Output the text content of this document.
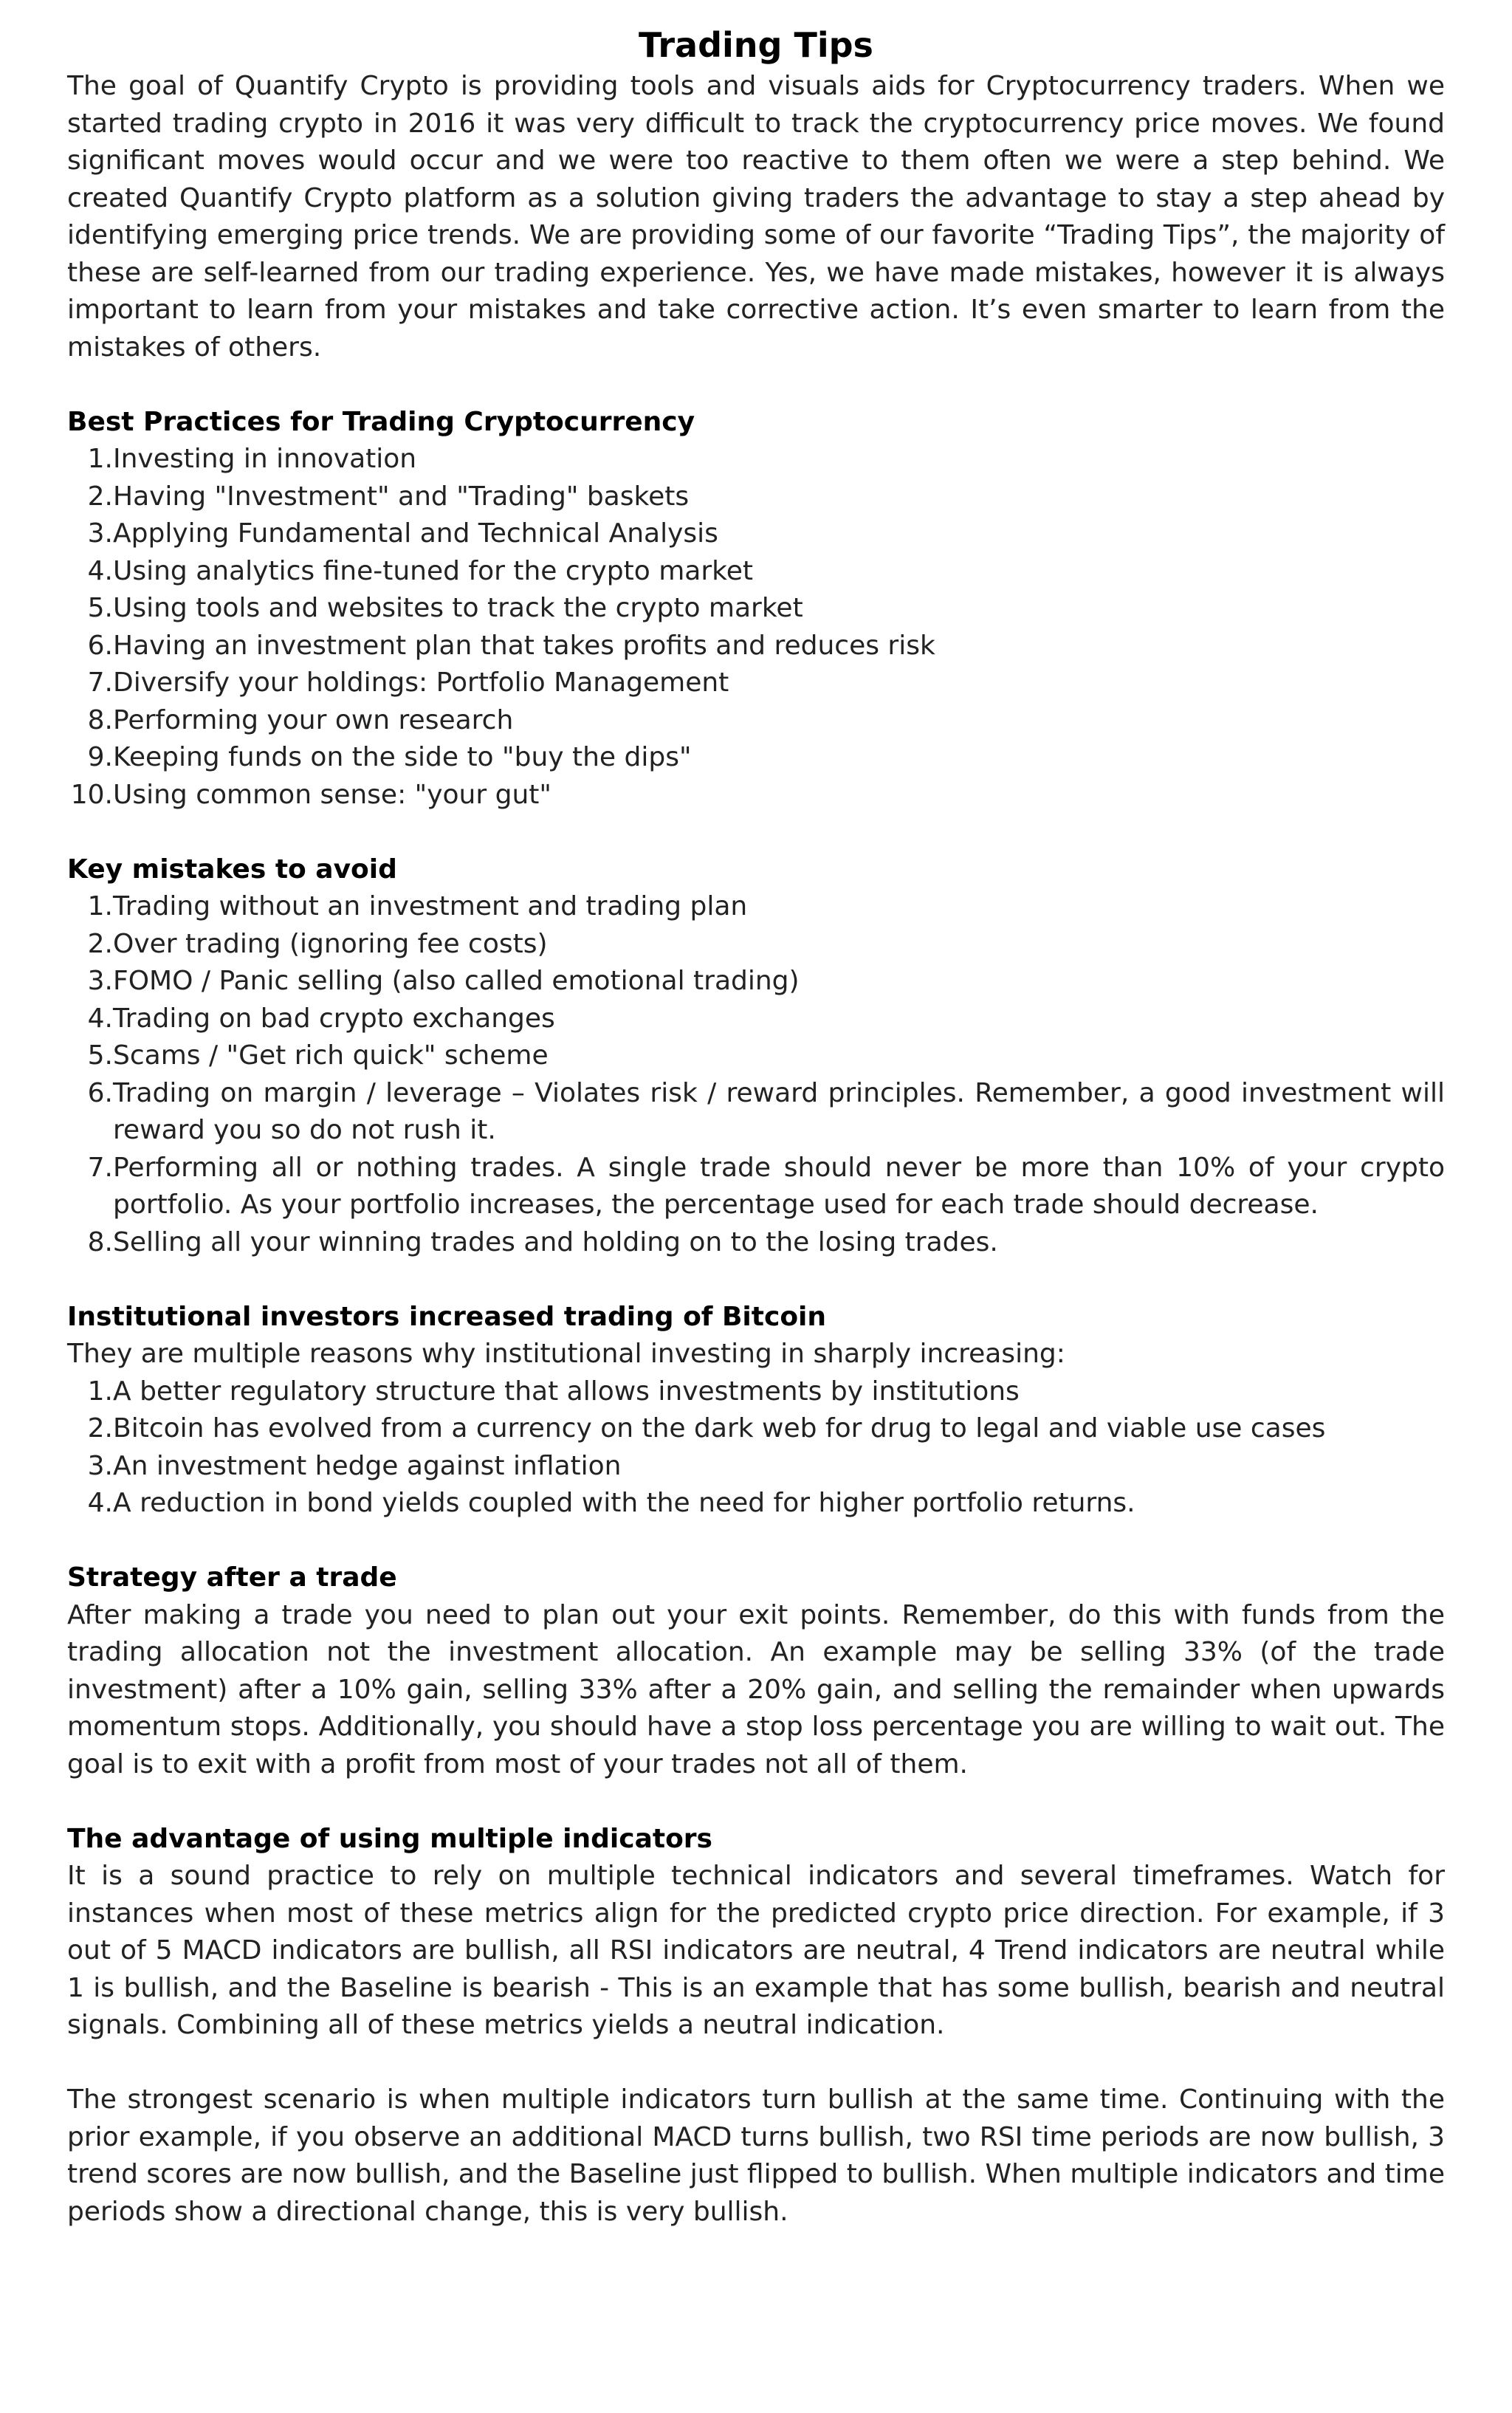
Trading Tips

The goal of Quantify Crypto is providing tools and visuals aids for Cryptocurrency traders. When we started trading crypto in 2016 it was very difficult to track the cryptocurrency price moves. We found significant moves would occur and we were too reactive to them often we were a step behind. We created Quantify Crypto platform as a solution giving traders the advantage to stay a step ahead by identifying emerging price trends. We are providing some of our favorite “Trading Tips”, the majority of these are self-learned from our trading experience. Yes, we have made mistakes, however it is always important to learn from your mistakes and take corrective action. It’s even smarter to learn from the mistakes of others.

Best Practices for Trading Cryptocurrency
1. Investing in innovation
2. Having "Investment" and "Trading" baskets
3. Applying Fundamental and Technical Analysis
4. Using analytics fine-tuned for the crypto market
5. Using tools and websites to track the crypto market
6. Having an investment plan that takes profits and reduces risk
7. Diversify your holdings: Portfolio Management
8. Performing your own research
9. Keeping funds on the side to "buy the dips"
10. Using common sense: "your gut"
Key mistakes to avoid
1. Trading without an investment and trading plan
2. Over trading (ignoring fee costs)
3. FOMO / Panic selling (also called emotional trading)
4. Trading on bad crypto exchanges
5. Scams / "Get rich quick" scheme
6. Trading on margin / leverage – Violates risk / reward principles. Remember, a good investment will reward you so do not rush it.
7. Performing all or nothing trades. A single trade should never be more than 10% of your crypto portfolio. As your portfolio increases, the percentage used for each trade should decrease.
8. Selling all your winning trades and holding on to the losing trades.
Institutional investors increased trading of Bitcoin

They are multiple reasons why institutional investing in sharply increasing:

1. A better regulatory structure that allows investments by institutions
2. Bitcoin has evolved from a currency on the dark web for drug to legal and viable use cases
3. An investment hedge against inflation
4. A reduction in bond yields coupled with the need for higher portfolio returns.
Strategy after a trade

After making a trade you need to plan out your exit points. Remember, do this with funds from the trading allocation not the investment allocation. An example may be selling 33% (of the trade investment) after a 10% gain, selling 33% after a 20% gain, and selling the remainder when upwards momentum stops. Additionally, you should have a stop loss percentage you are willing to wait out. The goal is to exit with a profit from most of your trades not all of them.

The advantage of using multiple indicators

It is a sound practice to rely on multiple technical indicators and several timeframes. Watch for instances when most of these metrics align for the predicted crypto price direction. For example, if 3 out of 5 MACD indicators are bullish, all RSI indicators are neutral, 4 Trend indicators are neutral while 1 is bullish, and the Baseline is bearish - This is an example that has some bullish, bearish and neutral signals. Combining all of these metrics yields a neutral indication.

The strongest scenario is when multiple indicators turn bullish at the same time. Continuing with the prior example, if you observe an additional MACD turns bullish, two RSI time periods are now bullish, 3 trend scores are now bullish, and the Baseline just flipped to bullish. When multiple indicators and time periods show a directional change, this is very bullish.
